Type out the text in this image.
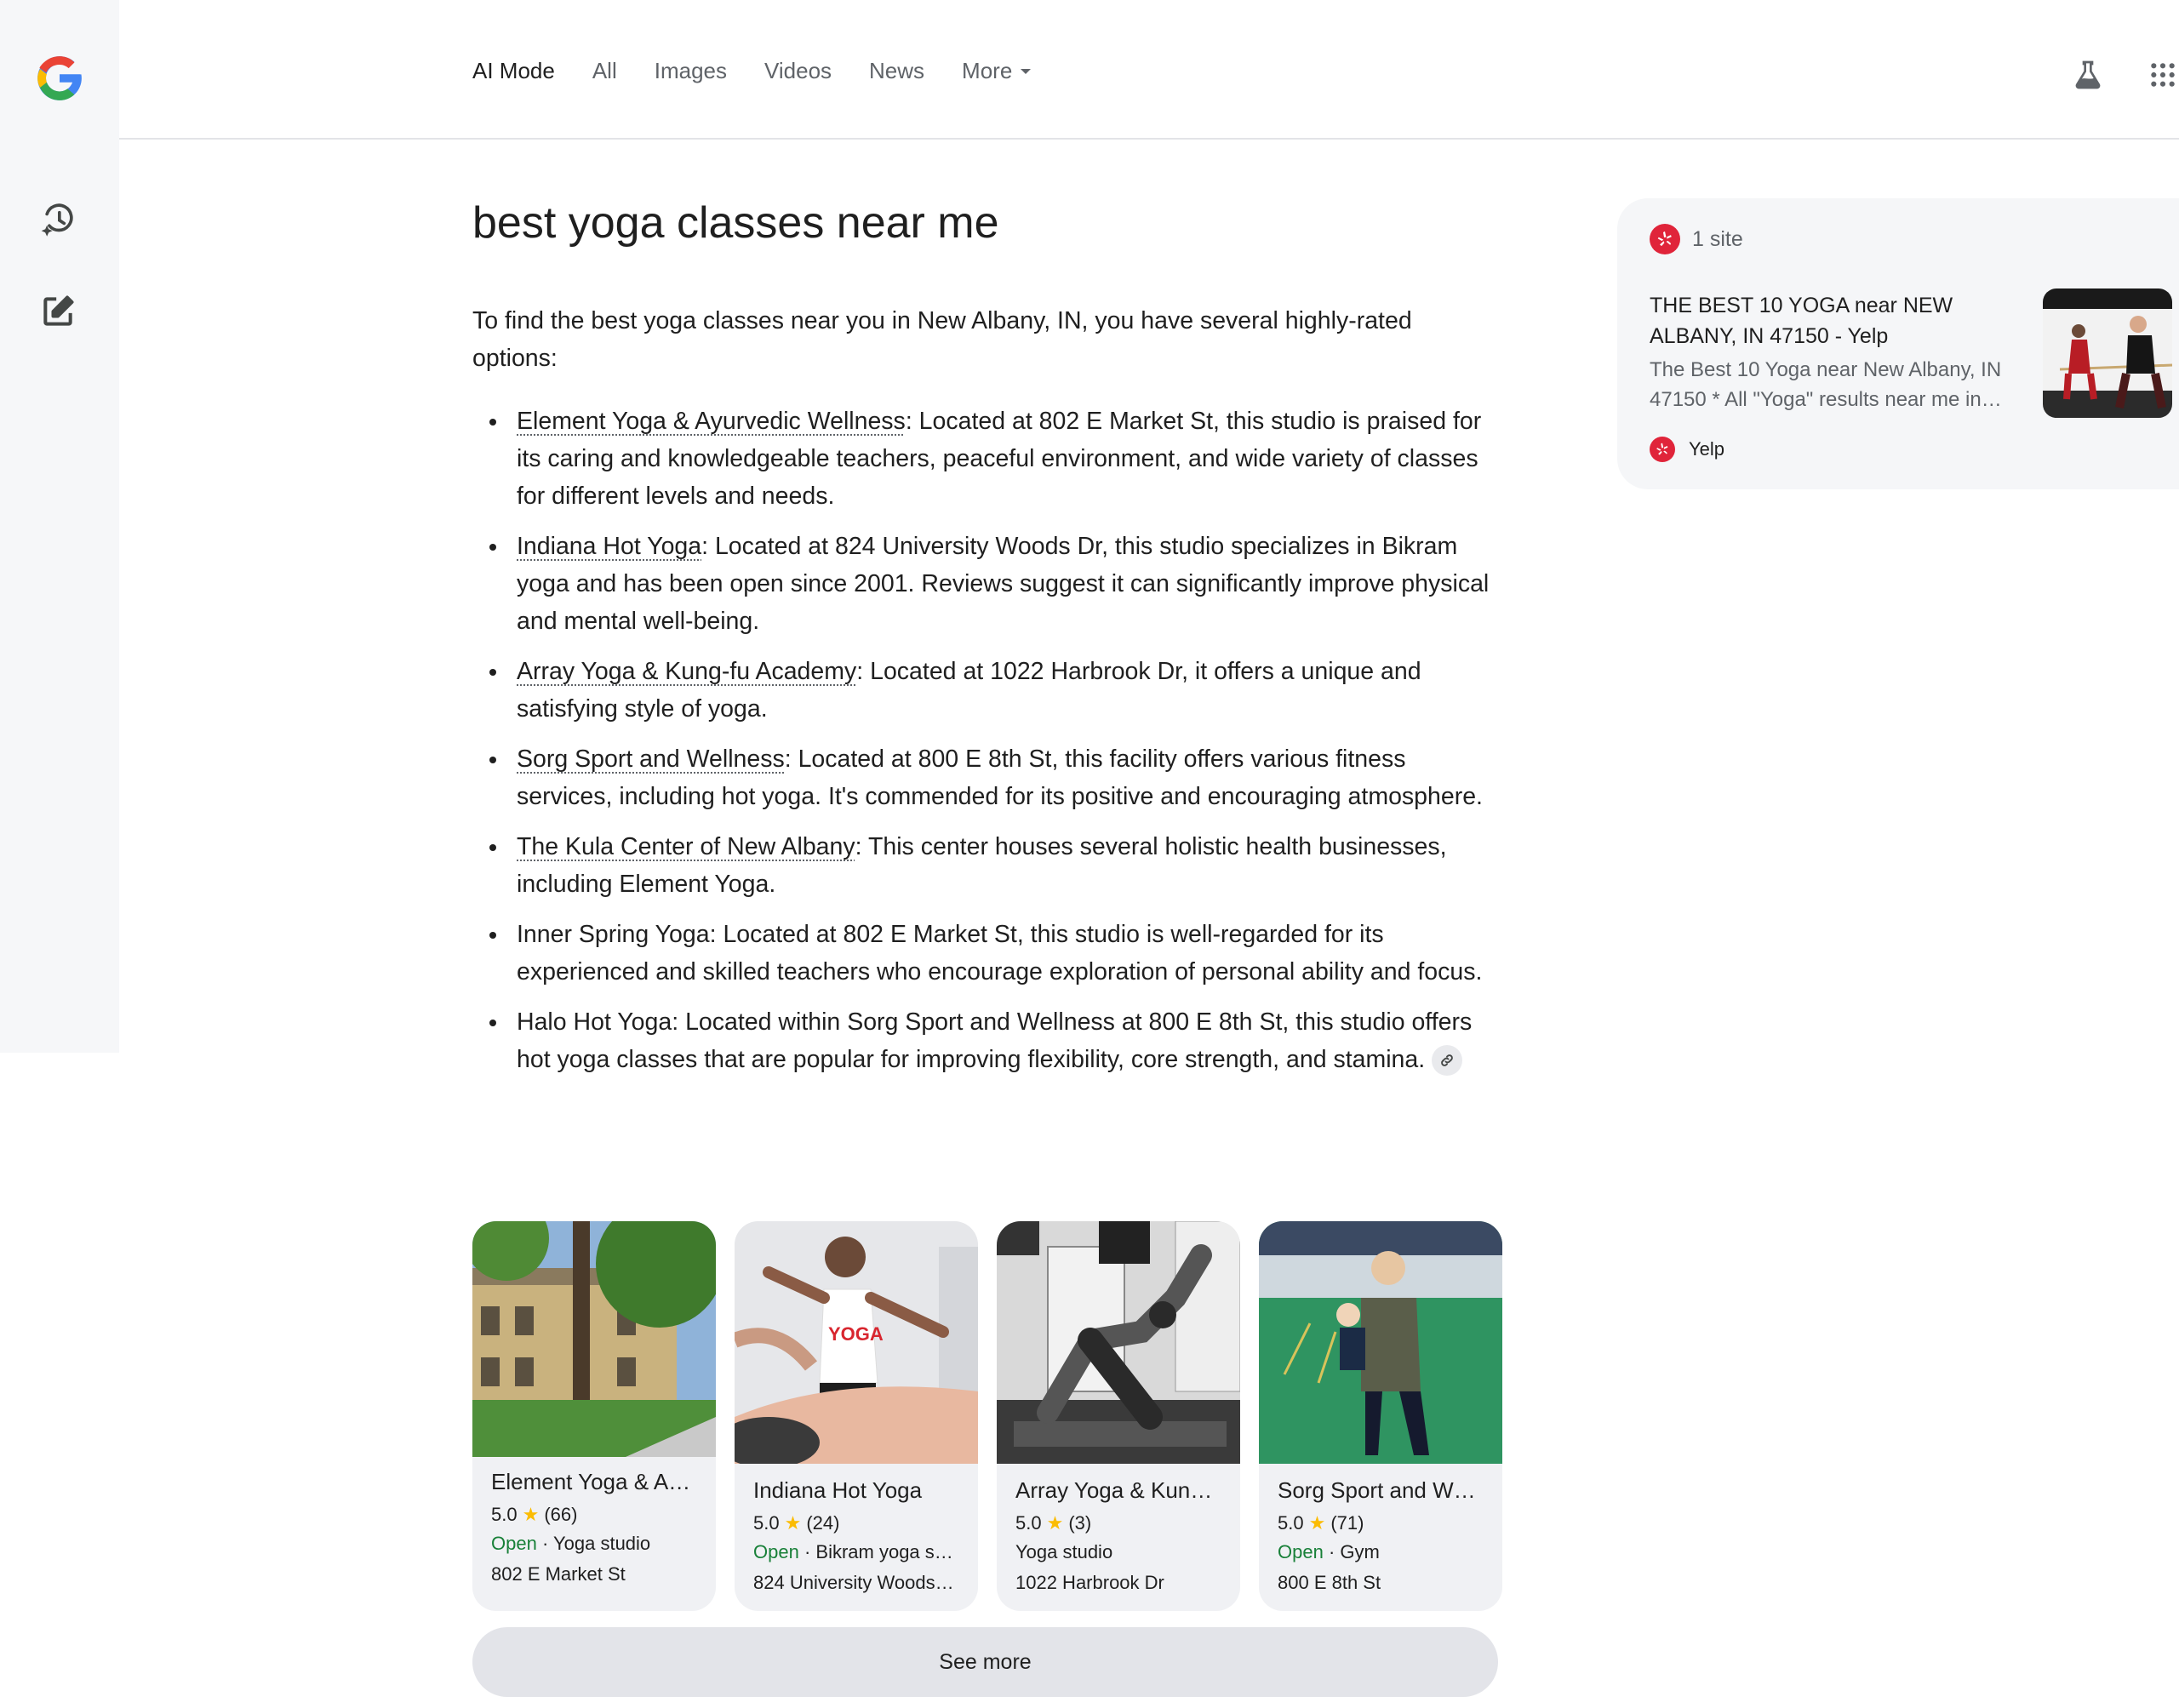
AI Mode All Images Videos News More
best yoga classes near me

To find the best yoga classes near you in New Albany, IN, you have several highly-rated options:

Element Yoga & Ayurvedic Wellness: Located at 802 E Market St, this studio is praised for its caring and knowledgeable teachers, peaceful environment, and wide variety of classes for different levels and needs.
Indiana Hot Yoga: Located at 824 University Woods Dr, this studio specializes in Bikram yoga and has been open since 2001. Reviews suggest it can significantly improve physical and mental well-being.
Array Yoga & Kung-fu Academy: Located at 1022 Harbrook Dr, it offers a unique and satisfying style of yoga.
Sorg Sport and Wellness: Located at 800 E 8th St, this facility offers various fitness services, including hot yoga. It's commended for its positive and encouraging atmosphere.
The Kula Center of New Albany: This center houses several holistic health businesses, including Element Yoga.
Inner Spring Yoga: Located at 802 E Market St, this studio is well-regarded for its experienced and skilled teachers who encourage exploration of personal ability and focus.
Halo Hot Yoga: Located within Sorg Sport and Wellness at 800 E 8th St, this studio offers hot yoga classes that are popular for improving flexibility, core strength, and stamina.
Element Yoga & A…
5.0 ★ (66)
Open · Yoga studio
802 E Market St
YOGA
Indiana Hot Yoga
5.0 ★ (24)
Open · Bikram yoga s…
824 University Woods…
Array Yoga & Kun…
5.0 ★ (3)
Yoga studio
1022 Harbrook Dr
Sorg Sport and W…
5.0 ★ (71)
Open · Gym
800 E 8th St
See more
1 site
THE BEST 10 YOGA near NEW ALBANY, IN 47150 - Yelp
The Best 10 Yoga near New Albany, IN 47150 * All "Yoga" results near me in…
Yelp
